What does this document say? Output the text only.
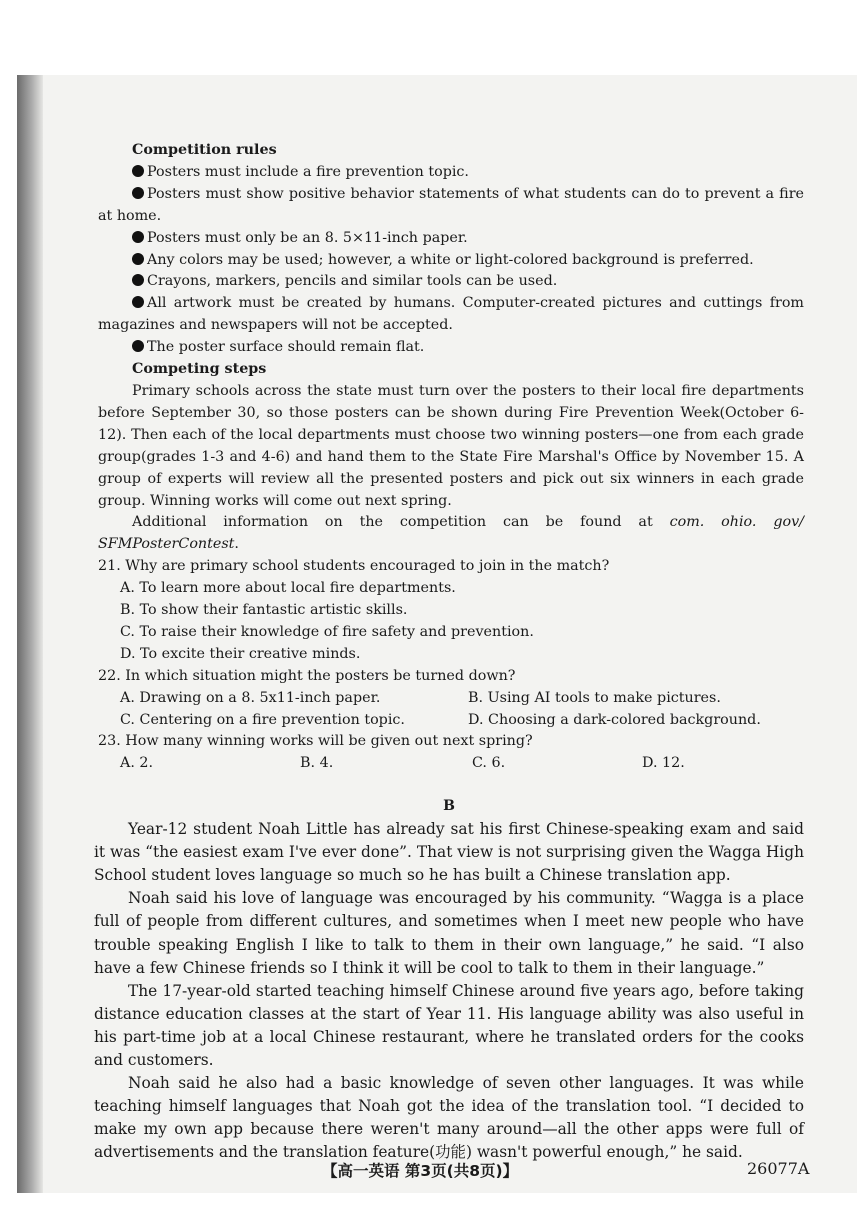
Competition rules
Posters must include a fire prevention topic.
Posters must show positive behavior statements of what students can do to prevent a fire at home.
Posters must only be an 8. 5×11-inch paper.
Any colors may be used; however, a white or light-colored background is preferred.
Crayons, markers, pencils and similar tools can be used.
All artwork must be created by humans. Computer-created pictures and cuttings from magazines and newspapers will not be accepted.
The poster surface should remain flat.
Competing steps

Primary schools across the state must turn over the posters to their local fire departments before September 30, so those posters can be shown during Fire Prevention Week(October 6-12). Then each of the local departments must choose two winning posters—one from each grade group(grades 1-3 and 4-6) and hand them to the State Fire Marshal's Office by November 15. A group of experts will review all the presented posters and pick out six winners in each grade group. Winning works will come out next spring.

Additional information on the competition can be found at com. ohio. gov/ SFMPosterContest.

21. Why are primary school students encouraged to join in the match?

A. To learn more about local fire departments.
B. To show their fantastic artistic skills.
C. To raise their knowledge of fire safety and prevention.
D. To excite their creative minds.

22. In which situation might the posters be turned down?

A. Drawing on a 8. 5x11-inch paper.	B. Using AI tools to make pictures.
C. Centering on a fire prevention topic.	D. Choosing a dark-colored background.

23. How many winning works will be given out next spring?

A. 2.	B. 4.	C. 6.	D. 12.

B

Year-12 student Noah Little has already sat his first Chinese-speaking exam and said it was “the easiest exam I've ever done”. That view is not surprising given the Wagga High School student loves language so much so he has built a Chinese translation app.

Noah said his love of language was encouraged by his community. “Wagga is a place full of people from different cultures, and sometimes when I meet new people who have trouble speaking English I like to talk to them in their own language,” he said. “I also have a few Chinese friends so I think it will be cool to talk to them in their language.”

The 17-year-old started teaching himself Chinese around five years ago, before taking distance education classes at the start of Year 11. His language ability was also useful in his part-time job at a local Chinese restaurant, where he translated orders for the cooks and customers.

Noah said he also had a basic knowledge of seven other languages. It was while teaching himself languages that Noah got the idea of the translation tool. “I decided to make my own app because there weren't many around—all the other apps were full of advertisements and the translation feature(功能) wasn't powerful enough,” he said.

【高一英语 第3页(共8页)】	26077A
